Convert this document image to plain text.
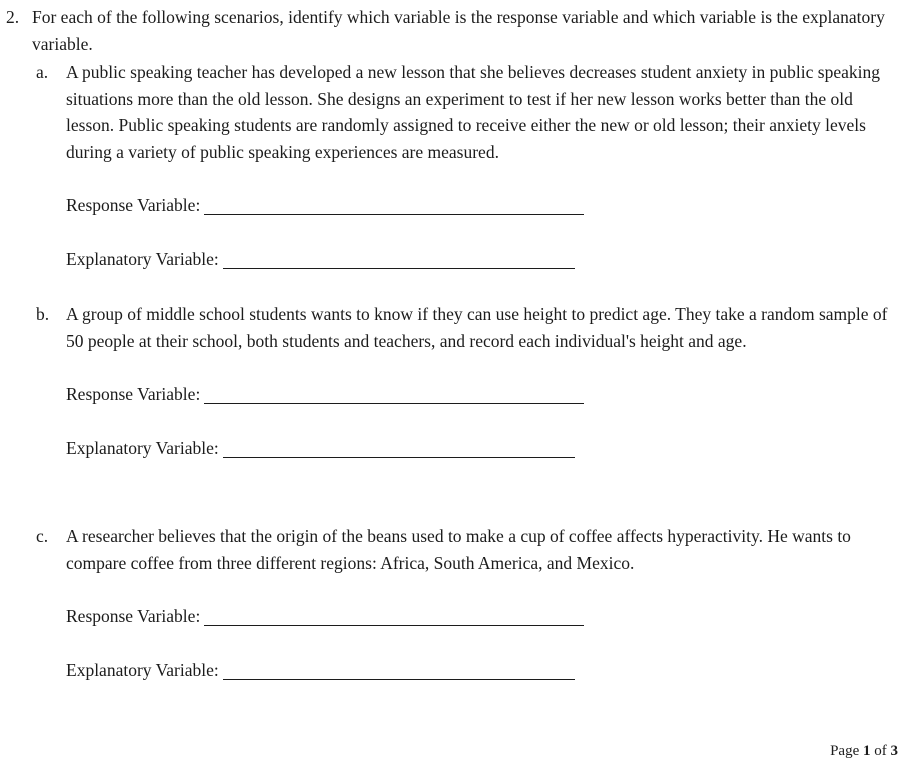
2. For each of the following scenarios, identify which variable is the response variable and which variable is the explanatory variable.

a.	A public speaking teacher has developed a new lesson that she believes decreases student anxiety in public speaking situations more than the old lesson. She designs an experiment to test if her new lesson works better than the old lesson. Public speaking students are randomly assigned to receive either the new or old lesson; their anxiety levels during a variety of public speaking experiences are measured.

Response Variable:

Explanatory Variable:

b. A group of middle school students wants to know if they can use height to predict age. They take a random sample of 50 people at their school, both students and teachers, and record each individual's height and age.

Response Variable:

Explanatory Variable:

c.	A researcher believes that the origin of the beans used to make a cup of coffee affects hyperactivity. He wants to compare coffee from three different regions: Africa, South America, and Mexico.

Response Variable:

Explanatory Variable:

Page 1 of 3
